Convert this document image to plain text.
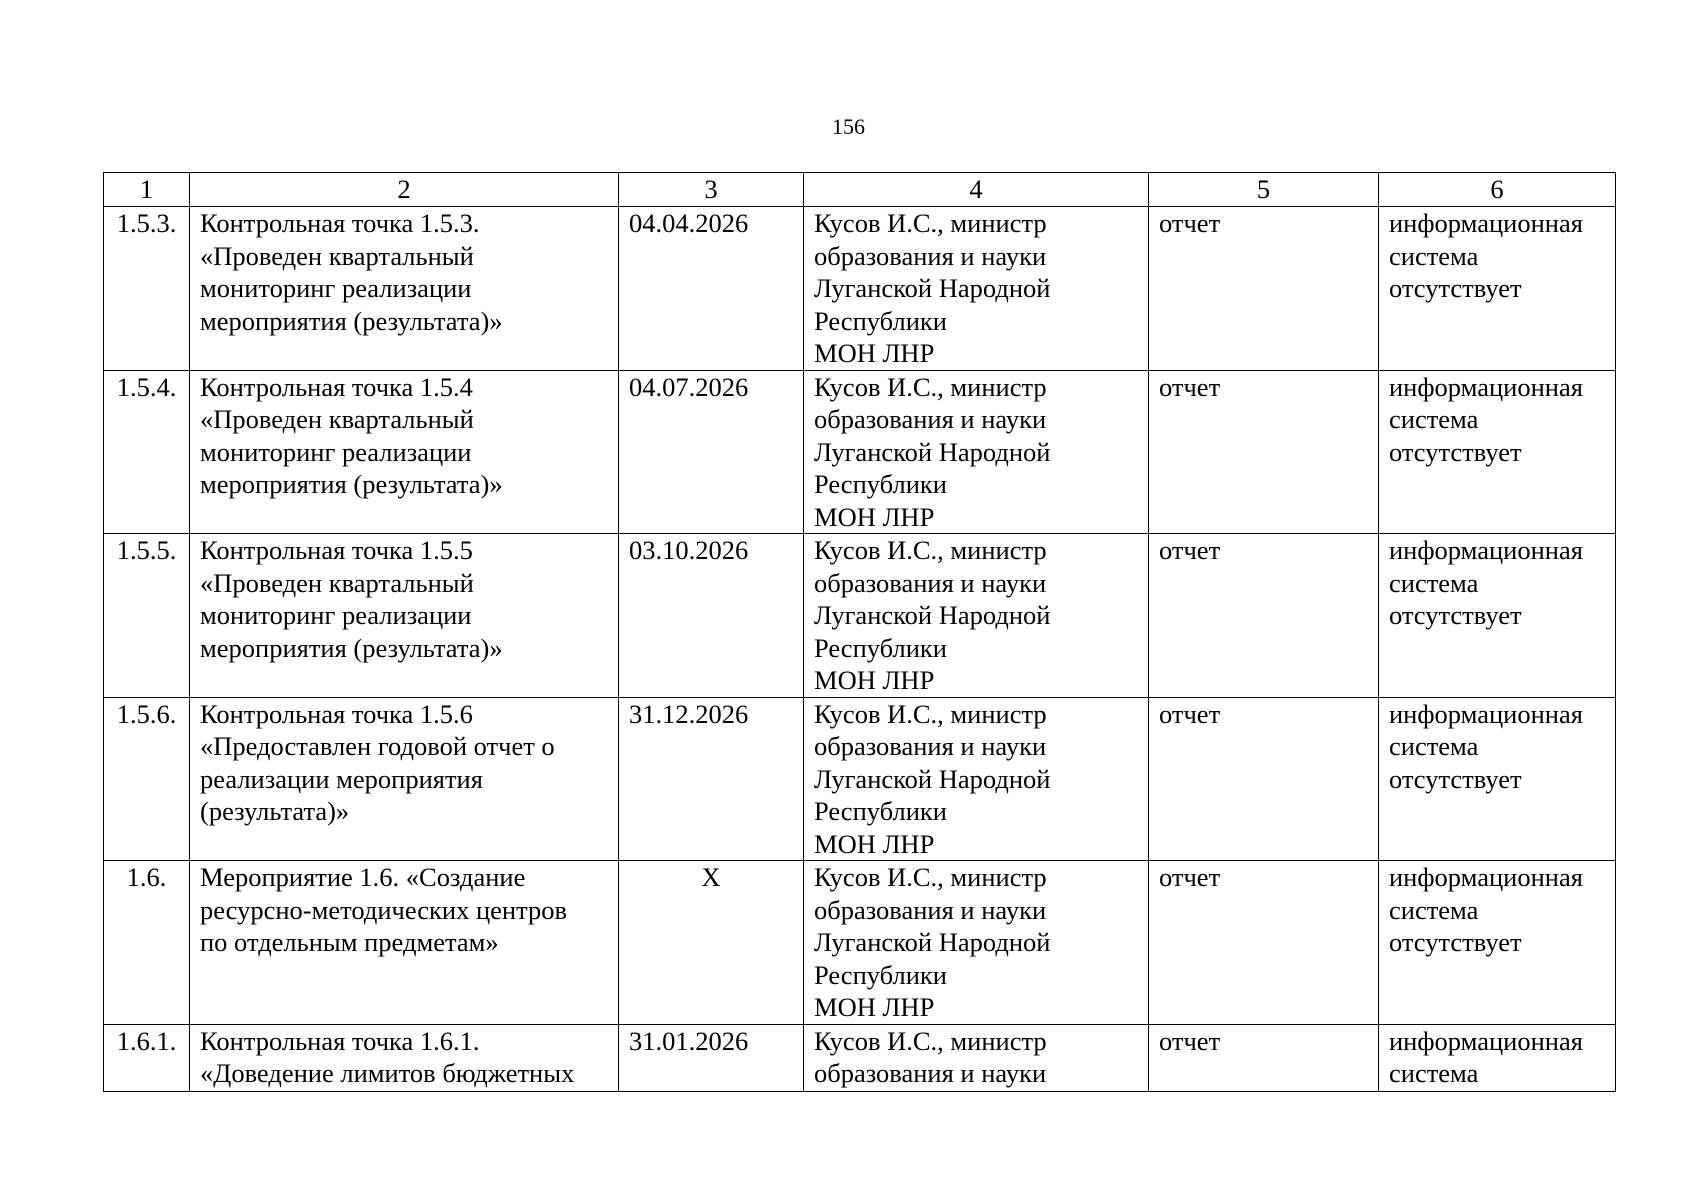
156
1	2	3	4	5	6
1.5.3.	Контрольная точка 1.5.3.
«Проведен квартальный
мониторинг реализации
мероприятия (результата)»	04.04.2026	Кусов И.С., министр
образования и науки
Луганской Народной
Республики
МОН ЛНР	отчет	информационная
система
отсутствует

1.5.4.	Контрольная точка 1.5.4
«Проведен квартальный
мониторинг реализации
мероприятия (результата)»	04.07.2026	Кусов И.С., министр
образования и науки
Луганской Народной
Республики
МОН ЛНР	отчет	информационная
система
отсутствует

1.5.5.	Контрольная точка 1.5.5
«Проведен квартальный
мониторинг реализации
мероприятия (результата)»	03.10.2026	Кусов И.С., министр
образования и науки
Луганской Народной
Республики
МОН ЛНР	отчет	информационная
система
отсутствует

1.5.6.	Контрольная точка 1.5.6
«Предоставлен годовой отчет о
реализации мероприятия
(результата)»	31.12.2026	Кусов И.С., министр
образования и науки
Луганской Народной
Республики
МОН ЛНР	отчет	информационная
система
отсутствует

1.6.	Мероприятие 1.6. «Создание
ресурсно-методических центров
по отдельным предметам»	Х	Кусов И.С., министр
образования и науки
Луганской Народной
Республики
МОН ЛНР	отчет	информационная
система
отсутствует

1.6.1.	Контрольная точка 1.6.1.
«Доведение лимитов бюджетных	31.01.2026	Кусов И.С., министр
образования и науки	отчет	информационная
система
